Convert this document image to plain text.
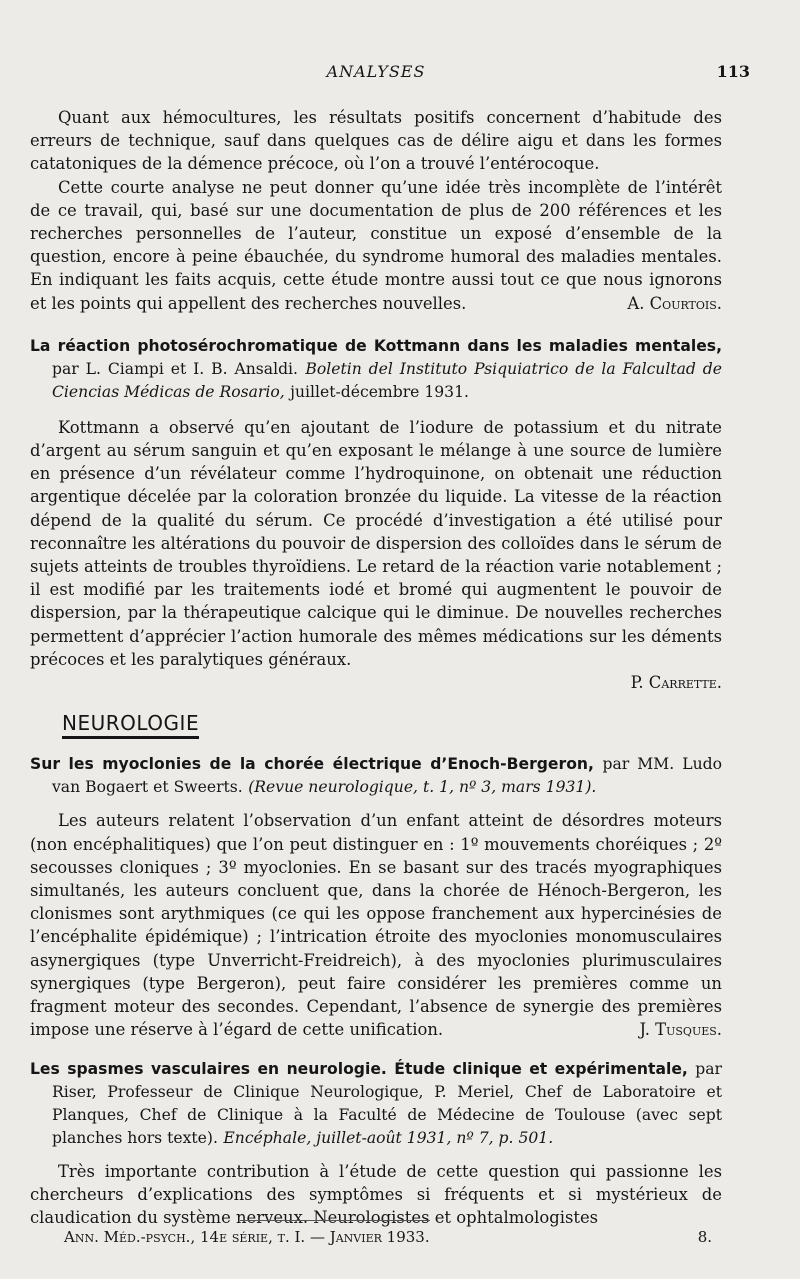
ANALYSES	113

Quant aux hémocultures, les résultats positifs concernent d’habitude des erreurs de technique, sauf dans quelques cas de délire aigu et dans les formes catatoniques de la démence précoce, où l’on a trouvé l’entérocoque.

Cette courte analyse ne peut donner qu’une idée très incomplète de l’intérêt de ce travail, qui, basé sur une documentation de plus de 200 références et les recherches personnelles de l’auteur, constitue un exposé d’ensemble de la question, encore à peine ébauchée, du syndrome humoral des maladies mentales. En indiquant les faits acquis, cette étude montre aussi tout ce que nous ignorons et les points qui appellent des recherches nouvelles.	A. Courtois.

La réaction photosérochromatique de Kottmann dans les maladies mentales, par L. Ciampi et I. B. Ansaldi. Boletin del Instituto Psiquiatrico de la Falcultad de Ciencias Médicas de Rosario, juillet-décembre 1931.

Kottmann a observé qu’en ajoutant de l’iodure de potassium et du nitrate d’argent au sérum sanguin et qu’en exposant le mélange à une source de lumière en présence d’un révélateur comme l’hydroquinone, on obtenait une réduction argentique décelée par la coloration bronzée du liquide. La vitesse de la réaction dépend de la qualité du sérum. Ce procédé d’investigation a été utilisé pour reconnaître les altérations du pouvoir de dispersion des colloïdes dans le sérum de sujets atteints de troubles thyroïdiens. Le retard de la réaction varie notablement ; il est modifié par les traitements iodé et bromé qui augmentent le pouvoir de dispersion, par la thérapeutique calcique qui le diminue. De nouvelles recherches permettent d’apprécier l’action humorale des mêmes médications sur les déments précoces et les paralytiques généraux.

P. Carrette.

NEUROLOGIE

Sur les myoclonies de la chorée électrique d’Enoch-Bergeron, par MM. Ludo van Bogaert et Sweerts. (Revue neurologique, t. 1, nº 3, mars 1931).

Les auteurs relatent l’observation d’un enfant atteint de désordres moteurs (non encéphalitiques) que l’on peut distinguer en : 1º mouvements choréiques ; 2º secousses cloniques ; 3º myoclonies. En se basant sur des tracés myographiques simultanés, les auteurs concluent que, dans la chorée de Hénoch-Bergeron, les clonismes sont arythmiques (ce qui les oppose franchement aux hypercinésies de l’encéphalite épidémique) ; l’intrication étroite des myoclonies monomusculaires asynergiques (type Unverricht-Freidreich), à des myoclonies plurimusculaires synergiques (type Bergeron), peut faire considérer les premières comme un fragment moteur des secondes. Cependant, l’absence de synergie des premières impose une réserve à l’égard de cette unification.	J. Tusques.

Les spasmes vasculaires en neurologie. Étude clinique et expérimentale, par Riser, Professeur de Clinique Neurologique, P. Meriel, Chef de Laboratoire et Planques, Chef de Clinique à la Faculté de Médecine de Toulouse (avec sept planches hors texte). Encéphale, juillet-août 1931, nº 7, p. 501.

Très importante contribution à l’étude de cette question qui passionne les chercheurs d’explications des symptômes si fréquents et si mystérieux de claudication du système nerveux. Neurologistes et ophtalmologistes

Ann. Méd.-psych., 14e série, t. I. — Janvier 1933.	8.
